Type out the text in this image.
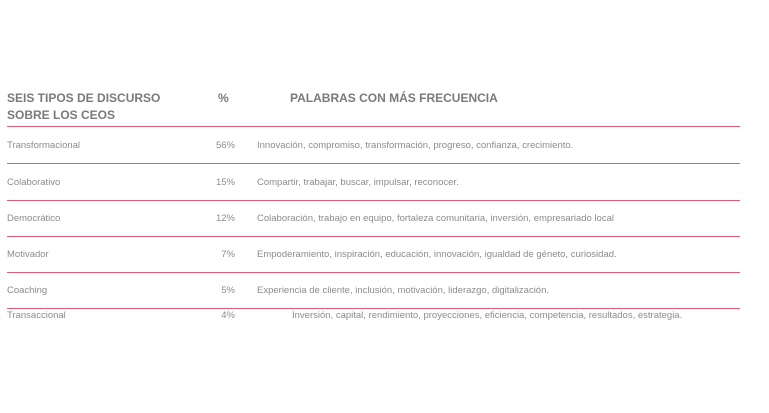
SEIS TIPOS DE DISCURSO
SOBRE LOS CEOS
%	PALABRAS CON MÁS FRECUENCIA
Transformacional	56%	Innovación, compromiso, transformación, progreso, confianza, crecimiento.
Colaborativo	15%	Compartir, trabajar, buscar, impulsar, reconocer.
Democrático	12%	Colaboración, trabajo en equipo, fortaleza comunitaria, inversión, empresariado local
Motivador	7%	Empoderamiento, inspiración, educación, innovación, igualdad de géneto, curiosidad.
Coaching	5%	Experiencia de cliente, inclusión, motivación, liderazgo, digitalización.
Transaccional	4%	Inversión, capital, rendimiento, proyecciones, eficiencia, competencia, resultados, estrategia.
